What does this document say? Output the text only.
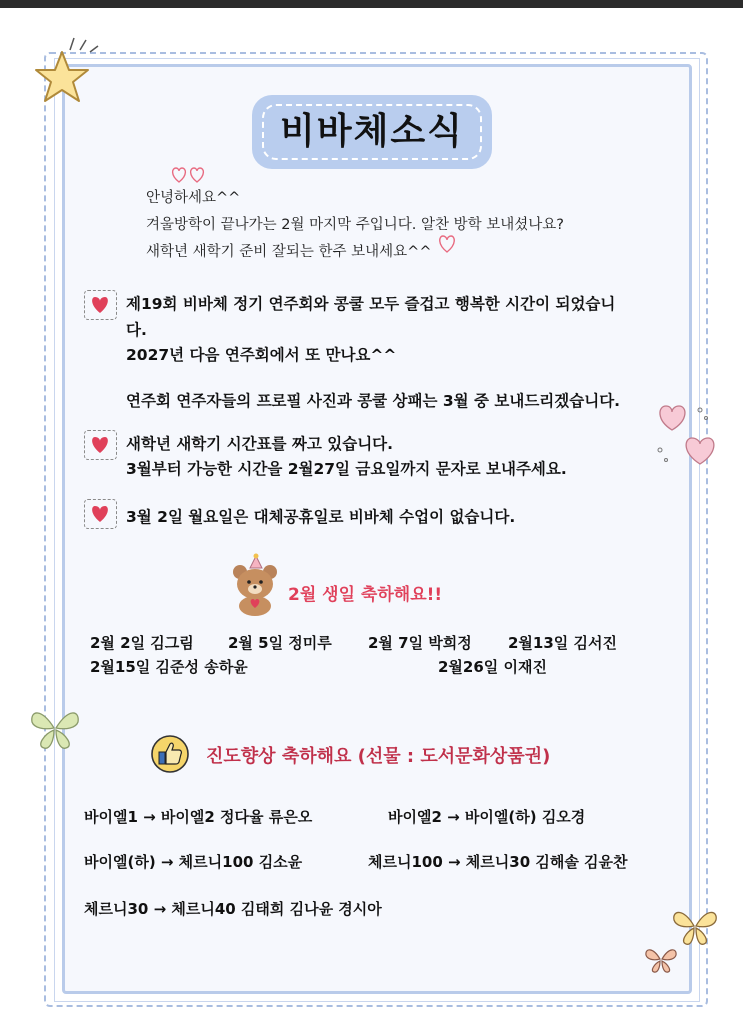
비바체소식
안녕하세요^^
겨울방학이 끝나가는 2월 마지막 주입니다. 알찬 방학 보내셨나요?
새학년 새학기 준비 잘되는 한주 보내세요^^
제19회 비바체 정기 연주회와 콩쿨 모두 즐겁고 행복한 시간이 되었습니
다.
2027년 다음 연주회에서 또 만나요^^
연주회 연주자들의 프로필 사진과 콩쿨 상패는 3월 중 보내드리겠습니다.
새학년 새학기 시간표를 짜고 있습니다.
3월부터 가능한 시간을 2월27일 금요일까지 문자로 보내주세요.
3월 2일 월요일은 대체공휴일로 비바체 수업이 없습니다.
2월 생일 축하해요!!
2월 2일 김그림 2월 5일 정미루 2월 7일 박희정 2월13일 김서진
2월15일 김준성 송하윤	2월26일 이재진
진도향상 축하해요 (선물 : 도서문화상품권)
바이엘1 → 바이엘2 정다율 류은오	바이엘2 → 바이엘(하) 김오경
바이엘(하) → 체르니100 김소윤	체르니100 → 체르니30 김해솔 김윤찬
체르니30 → 체르니40 김태희 김나윤 경시아
